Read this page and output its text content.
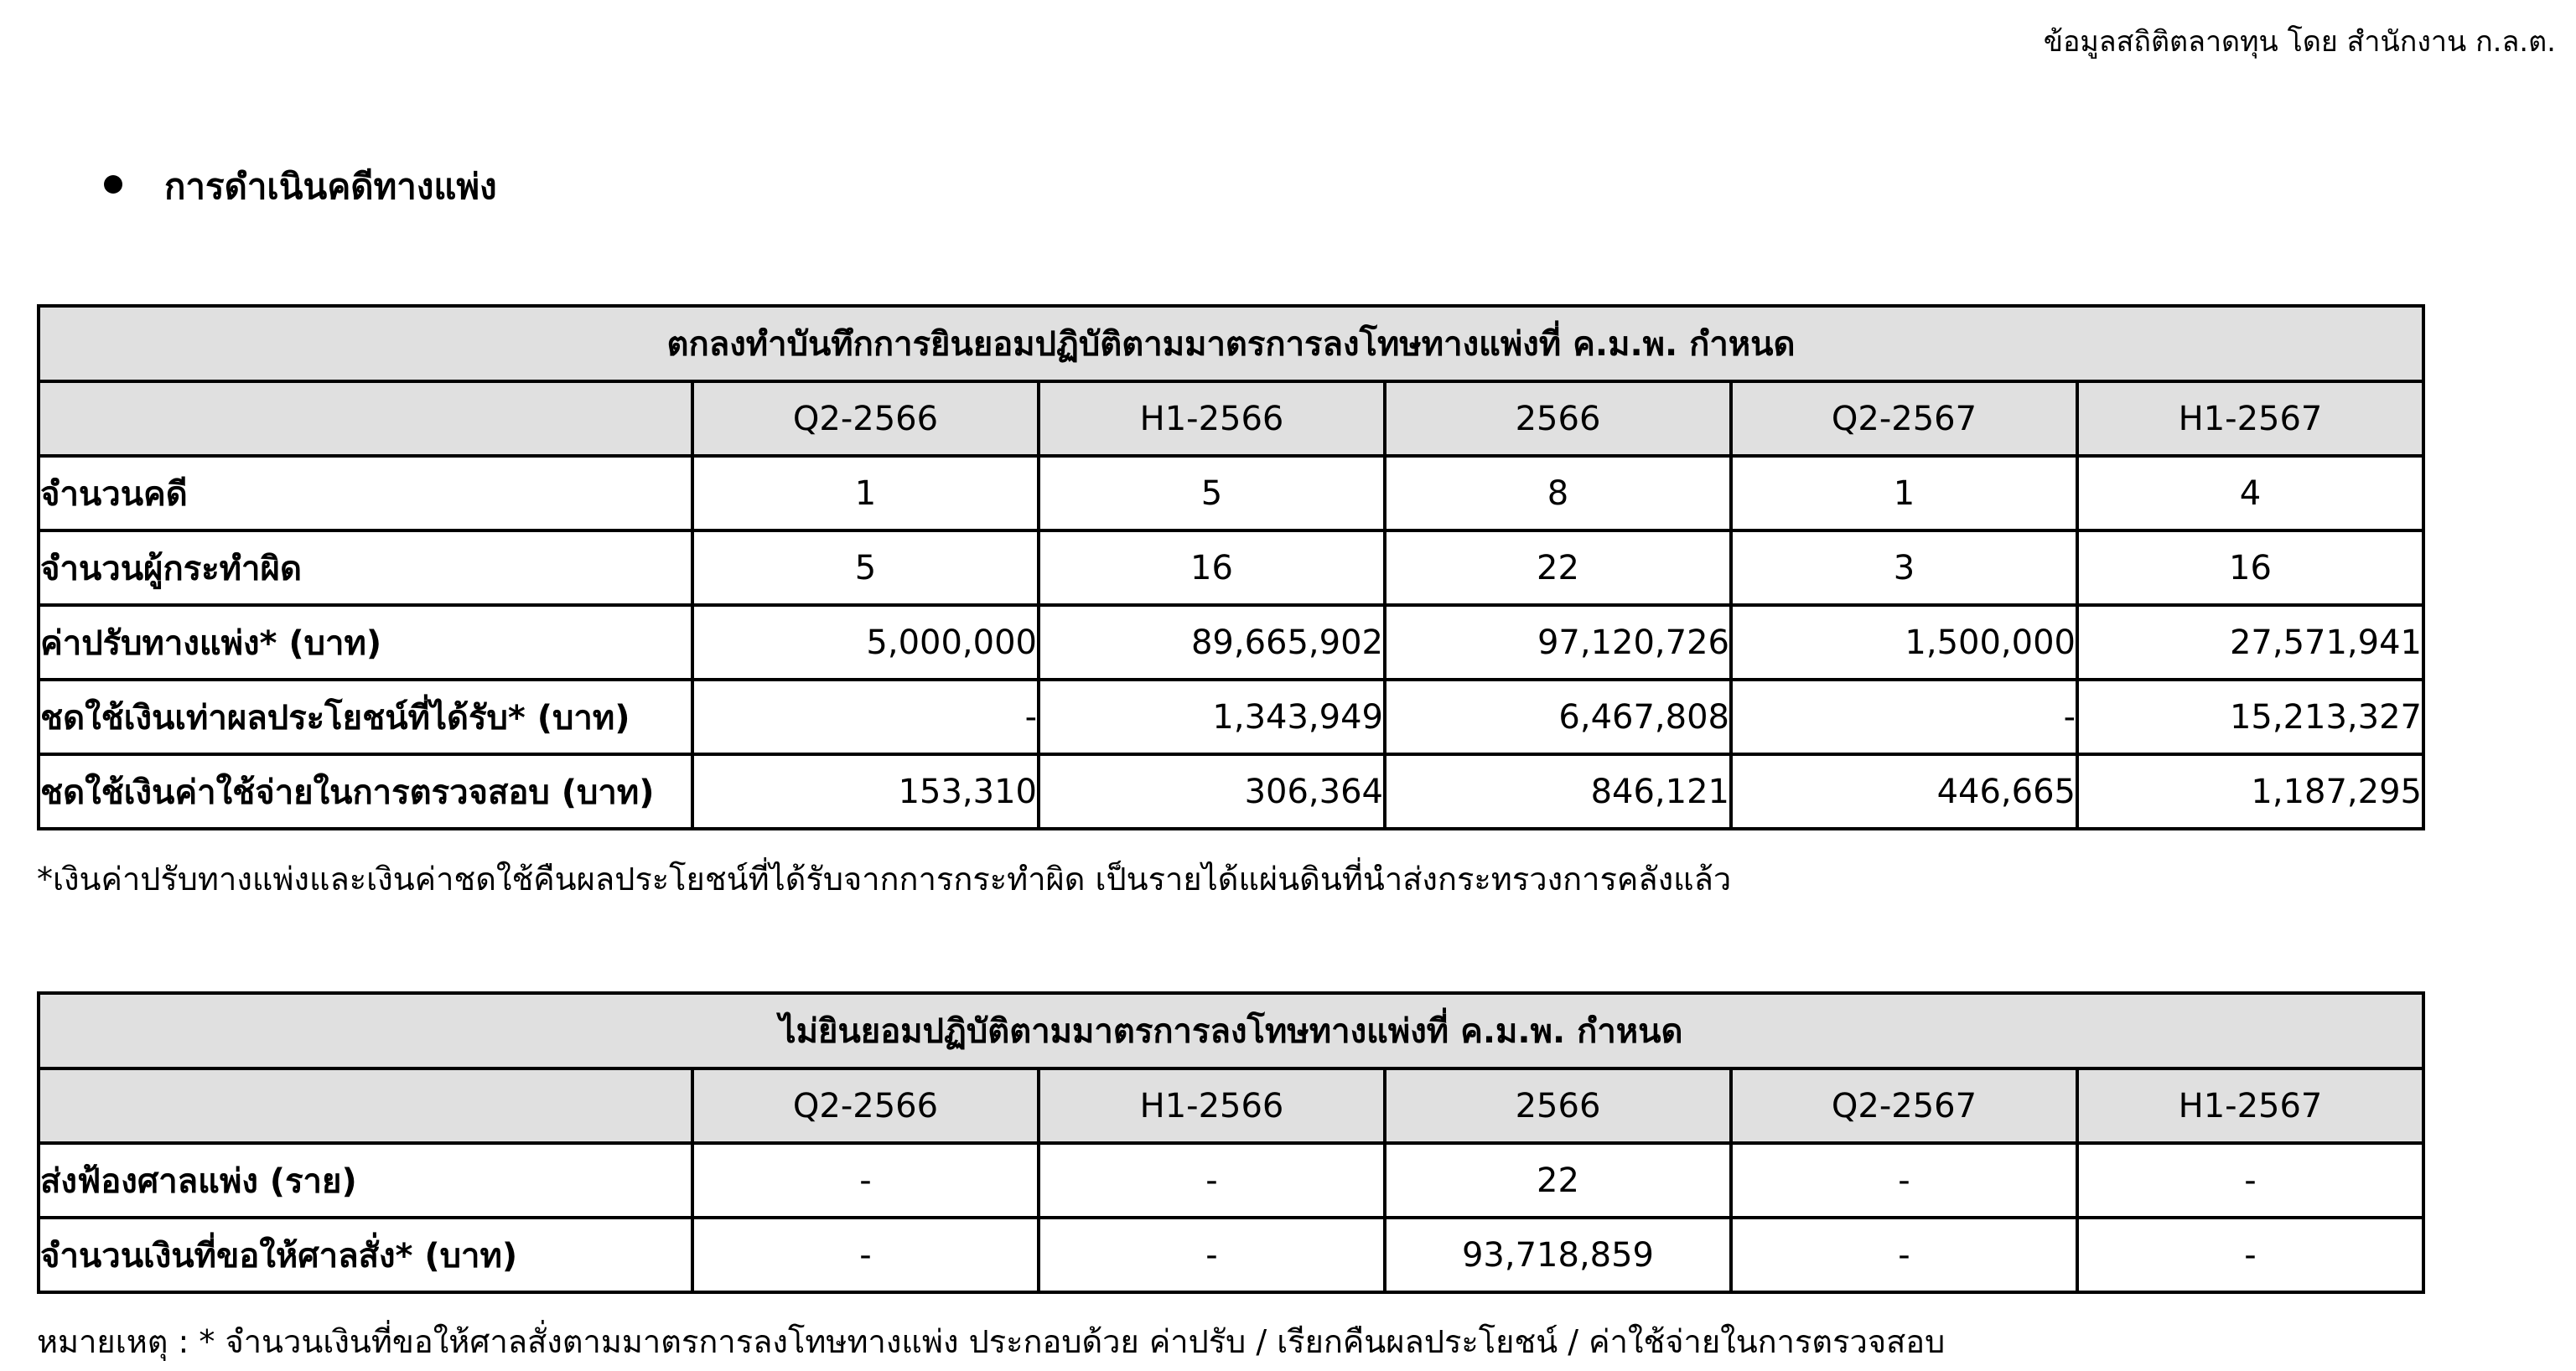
ข้อมูลสถิติตลาดทุน โดย สำนักงาน ก.ล.ต.
การดำเนินคดีทางแพ่ง
ตกลงทำบันทึกการยินยอมปฏิบัติตามมาตรการลงโทษทางแพ่งที่ ค.ม.พ. กำหนด					
	Q2-2566	H1-2566	2566	Q2-2567	H1-2567
จำนวนคดี	1	5	8	1	4
จำนวนผู้กระทำผิด	5	16	22	3	16
ค่าปรับทางแพ่ง* (บาท)	5,000,000	89,665,902	97,120,726	1,500,000	27,571,941
ชดใช้เงินเท่าผลประโยชน์ที่ได้รับ* (บาท)	-	1,343,949	6,467,808	-	15,213,327
ชดใช้เงินค่าใช้จ่ายในการตรวจสอบ (บาท)	153,310	306,364	846,121	446,665	1,187,295
*เงินค่าปรับทางแพ่งและเงินค่าชดใช้คืนผลประโยชน์ที่ได้รับจากการกระทำผิด เป็นรายได้แผ่นดินที่นำส่งกระทรวงการคลังแล้ว
ไม่ยินยอมปฏิบัติตามมาตรการลงโทษทางแพ่งที่ ค.ม.พ. กำหนด					
	Q2-2566	H1-2566	2566	Q2-2567	H1-2567
ส่งฟ้องศาลแพ่ง (ราย)	-	-	22	-	-
จำนวนเงินที่ขอให้ศาลสั่ง* (บาท)	-	-	93,718,859	-	-
หมายเหตุ : * จำนวนเงินที่ขอให้ศาลสั่งตามมาตรการลงโทษทางแพ่ง ประกอบด้วย ค่าปรับ / เรียกคืนผลประโยชน์ / ค่าใช้จ่ายในการตรวจสอบ
